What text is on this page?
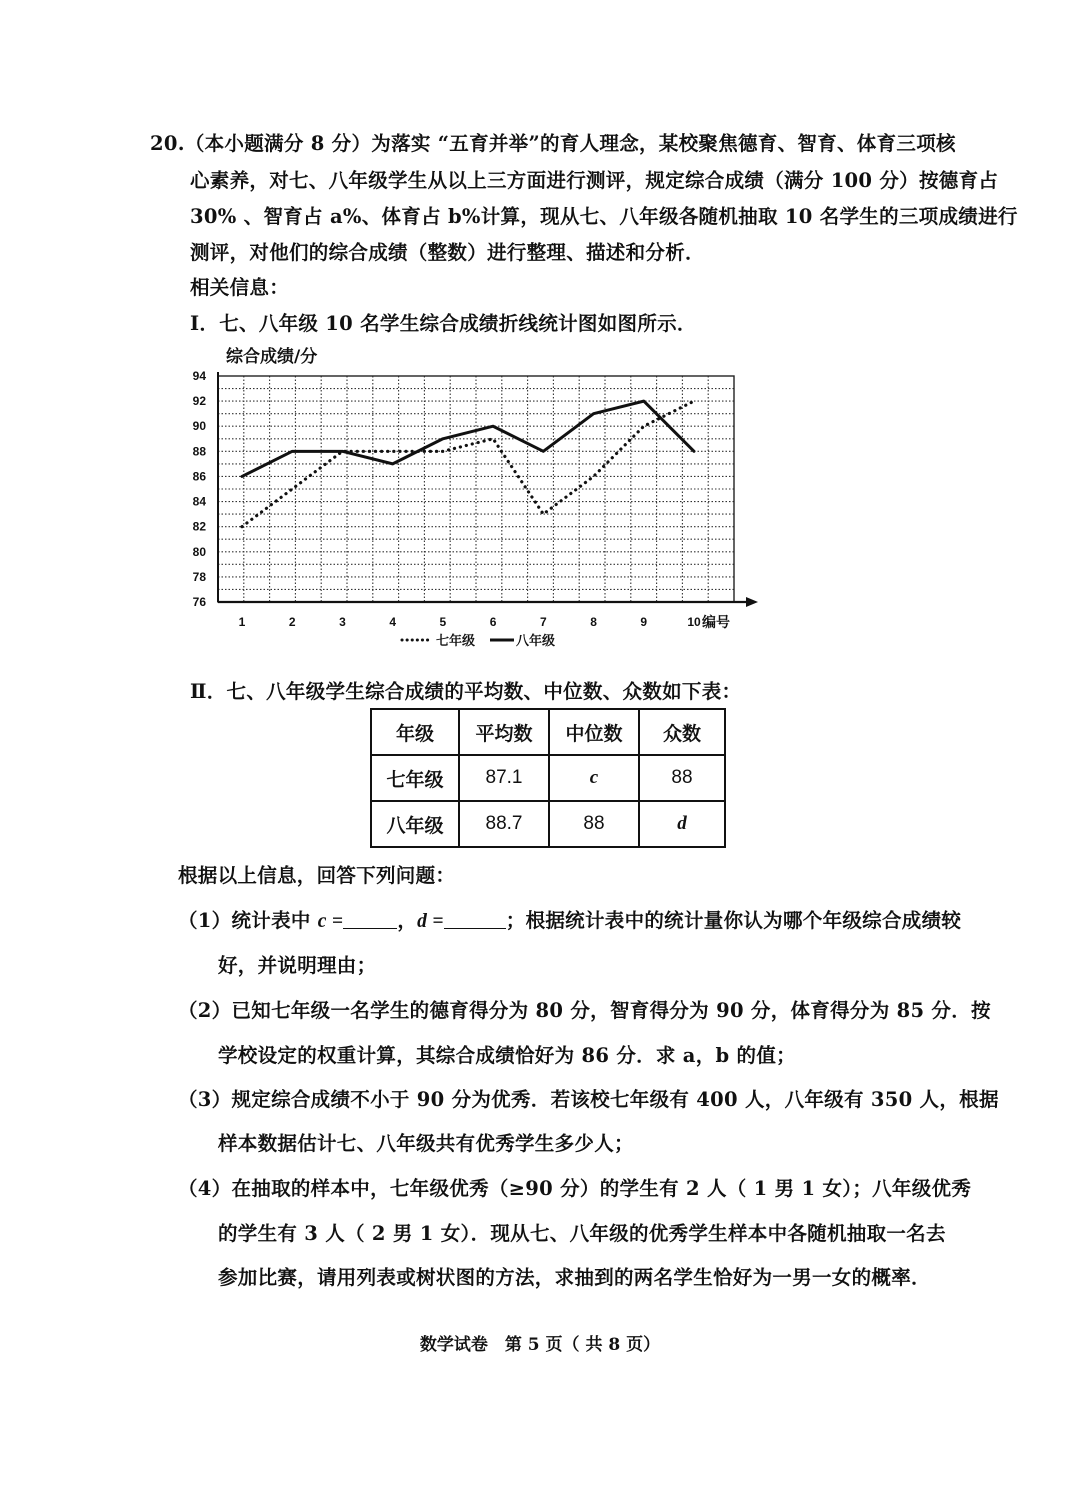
20.（本小题满分 8 分）为落实 “五育并举”的育人理念，某校聚焦德育、智育、体育三项核
心素养，对七、八年级学生从以上三方面进行测评，规定综合成绩（满分 100 分）按德育占
30% 、智育占 a%、体育占 b%计算，现从七、八年级各随机抽取 10 名学生的三项成绩进行
测评，对他们的综合成绩（整数）进行整理、描述和分析．
相关信息：
Ⅰ．七、八年级 10 名学生综合成绩折线统计图如图所示．
76
78
80
82
84
86
88
90
92
94
1	2	3	4	5	6	7	8	9	10 编号
综合成绩/分
七年级	八年级
Ⅱ．七、八年级学生综合成绩的平均数、中位数、众数如下表：
年级	平均数	中位数	众数
七年级	87.1	c	88
八年级	88.7	88	d
根据以上信息，回答下列问题：
（1）统计表中 c =	，d =	；根据统计表中的统计量你认为哪个年级综合成绩较
好，并说明理由；
（2）已知七年级一名学生的德育得分为 80 分，智育得分为 90 分，体育得分为 85 分．按
学校设定的权重计算，其综合成绩恰好为 86 分．求 a，b 的值；
（3）规定综合成绩不小于 90 分为优秀．若该校七年级有 400 人，八年级有 350 人，根据
样本数据估计七、八年级共有优秀学生多少人；
（4）在抽取的样本中，七年级优秀（≥90 分）的学生有 2 人（ 1 男 1 女）；八年级优秀
的学生有 3 人（ 2 男 1 女）．现从七、八年级的优秀学生样本中各随机抽取一名去
参加比赛，请用列表或树状图的方法，求抽到的两名学生恰好为一男一女的概率．
数学试卷　第 5 页（ 共 8 页）
